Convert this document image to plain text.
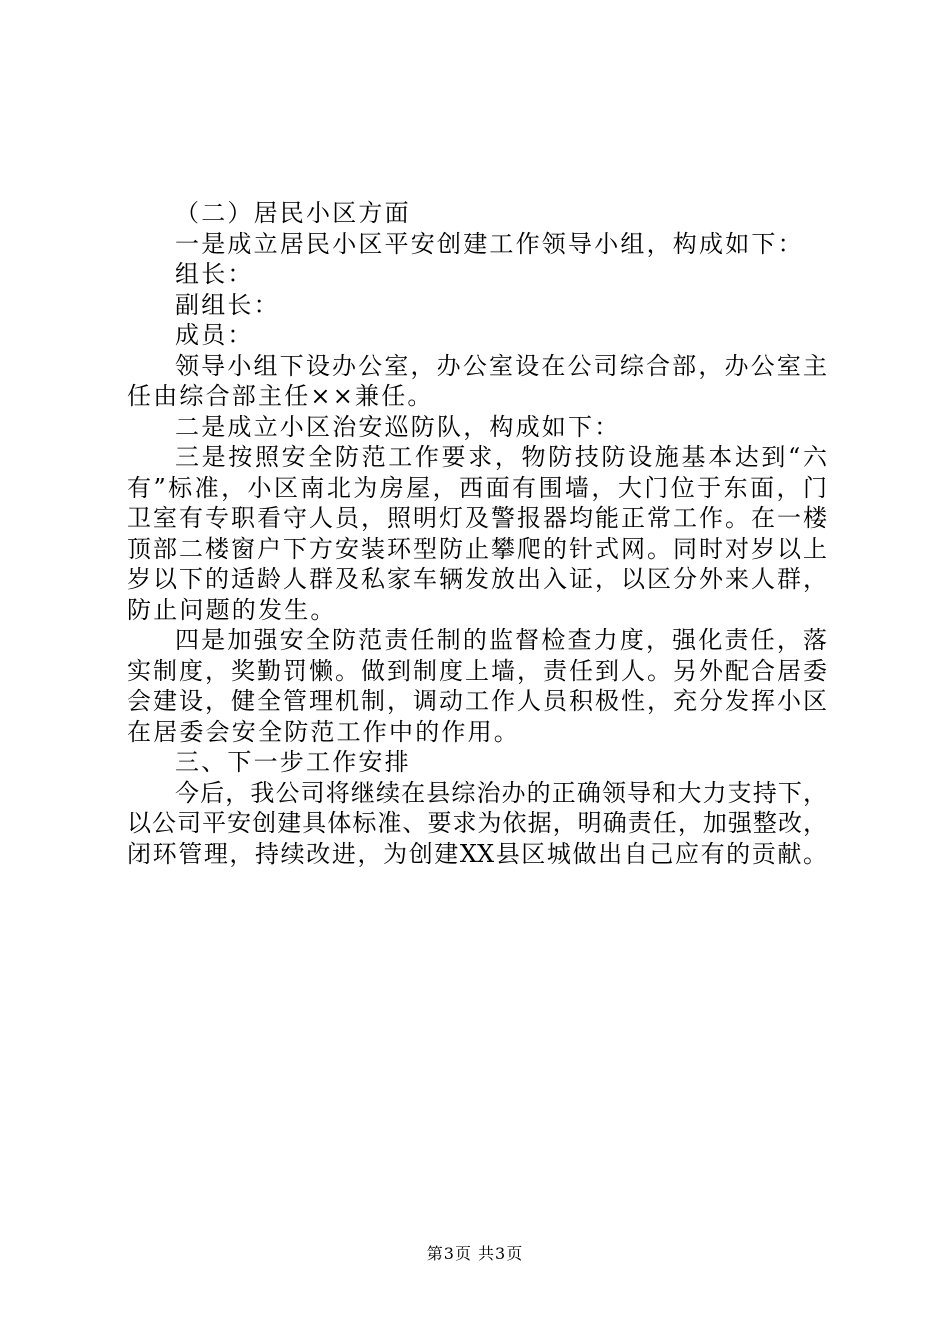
（二）居民小区方面
一是成立居民小区平安创建工作领导小组，构成如下：
组长：
副组长：
成员：
领导小组下设办公室，办公室设在公司综合部，办公室主
任由综合部主任××兼任。
二是成立小区治安巡防队，构成如下：
三是按照安全防范工作要求，物防技防设施基本达到“六
有”标准，小区南北为房屋，西面有围墙，大门位于东面，门
卫室有专职看守人员，照明灯及警报器均能正常工作。在一楼
顶部二楼窗户下方安装环型防止攀爬的针式网。同时对岁以上
岁以下的适龄人群及私家车辆发放出入证，以区分外来人群，
防止问题的发生。
四是加强安全防范责任制的监督检查力度，强化责任，落
实制度，奖勤罚懒。做到制度上墙，责任到人。另外配合居委
会建设，健全管理机制，调动工作人员积极性，充分发挥小区
在居委会安全防范工作中的作用。
三、下一步工作安排
今后，我公司将继续在县综治办的正确领导和大力支持下，
以公司平安创建具体标准、要求为依据，明确责任，加强整改，
闭环管理，持续改进，为创建XX县区城做出自己应有的贡献。
第3页 共3页
